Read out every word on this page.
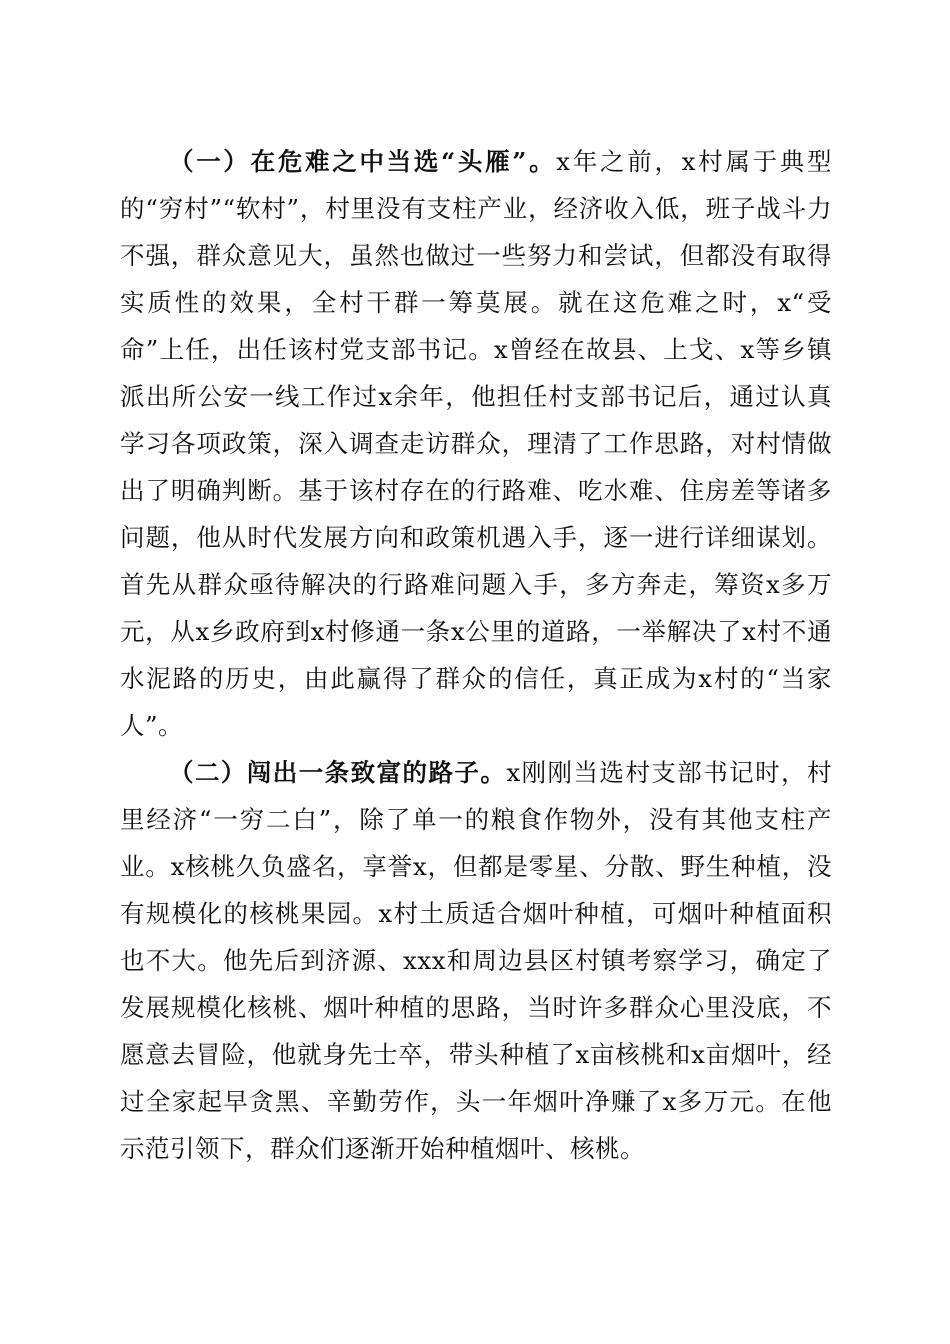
（一）在危难之中当选“头雁”。x年之前，x村属于典型的“穷村”“软村”，村里没有支柱产业，经济收入低，班子战斗力不强，群众意见大，虽然也做过一些努力和尝试，但都没有取得实质性的效果，全村干群一筹莫展。就在这危难之时，x“受命”上任，出任该村党支部书记。x曾经在故县、上戈、x等乡镇派出所公安一线工作过x余年，他担任村支部书记后，通过认真学习各项政策，深入调查走访群众，理清了工作思路，对村情做出了明确判断。基于该村存在的行路难、吃水难、住房差等诸多问题，他从时代发展方向和政策机遇入手，逐一进行详细谋划。首先从群众亟待解决的行路难问题入手，多方奔走，筹资x多万元，从x乡政府到x村修通一条x公里的道路，一举解决了x村不通水泥路的历史，由此赢得了群众的信任，真正成为x村的“当家人”。

（二）闯出一条致富的路子。x刚刚当选村支部书记时，村里经济“一穷二白”，除了单一的粮食作物外，没有其他支柱产业。x核桃久负盛名，享誉x，但都是零星、分散、野生种植，没有规模化的核桃果园。x村土质适合烟叶种植，可烟叶种植面积也不大。他先后到济源、xxx和周边县区村镇考察学习，确定了发展规模化核桃、烟叶种植的思路，当时许多群众心里没底，不愿意去冒险，他就身先士卒，带头种植了x亩核桃和x亩烟叶，经过全家起早贪黑、辛勤劳作，头一年烟叶净赚了x多万元。在他示范引领下，群众们逐渐开始种植烟叶、核桃。
